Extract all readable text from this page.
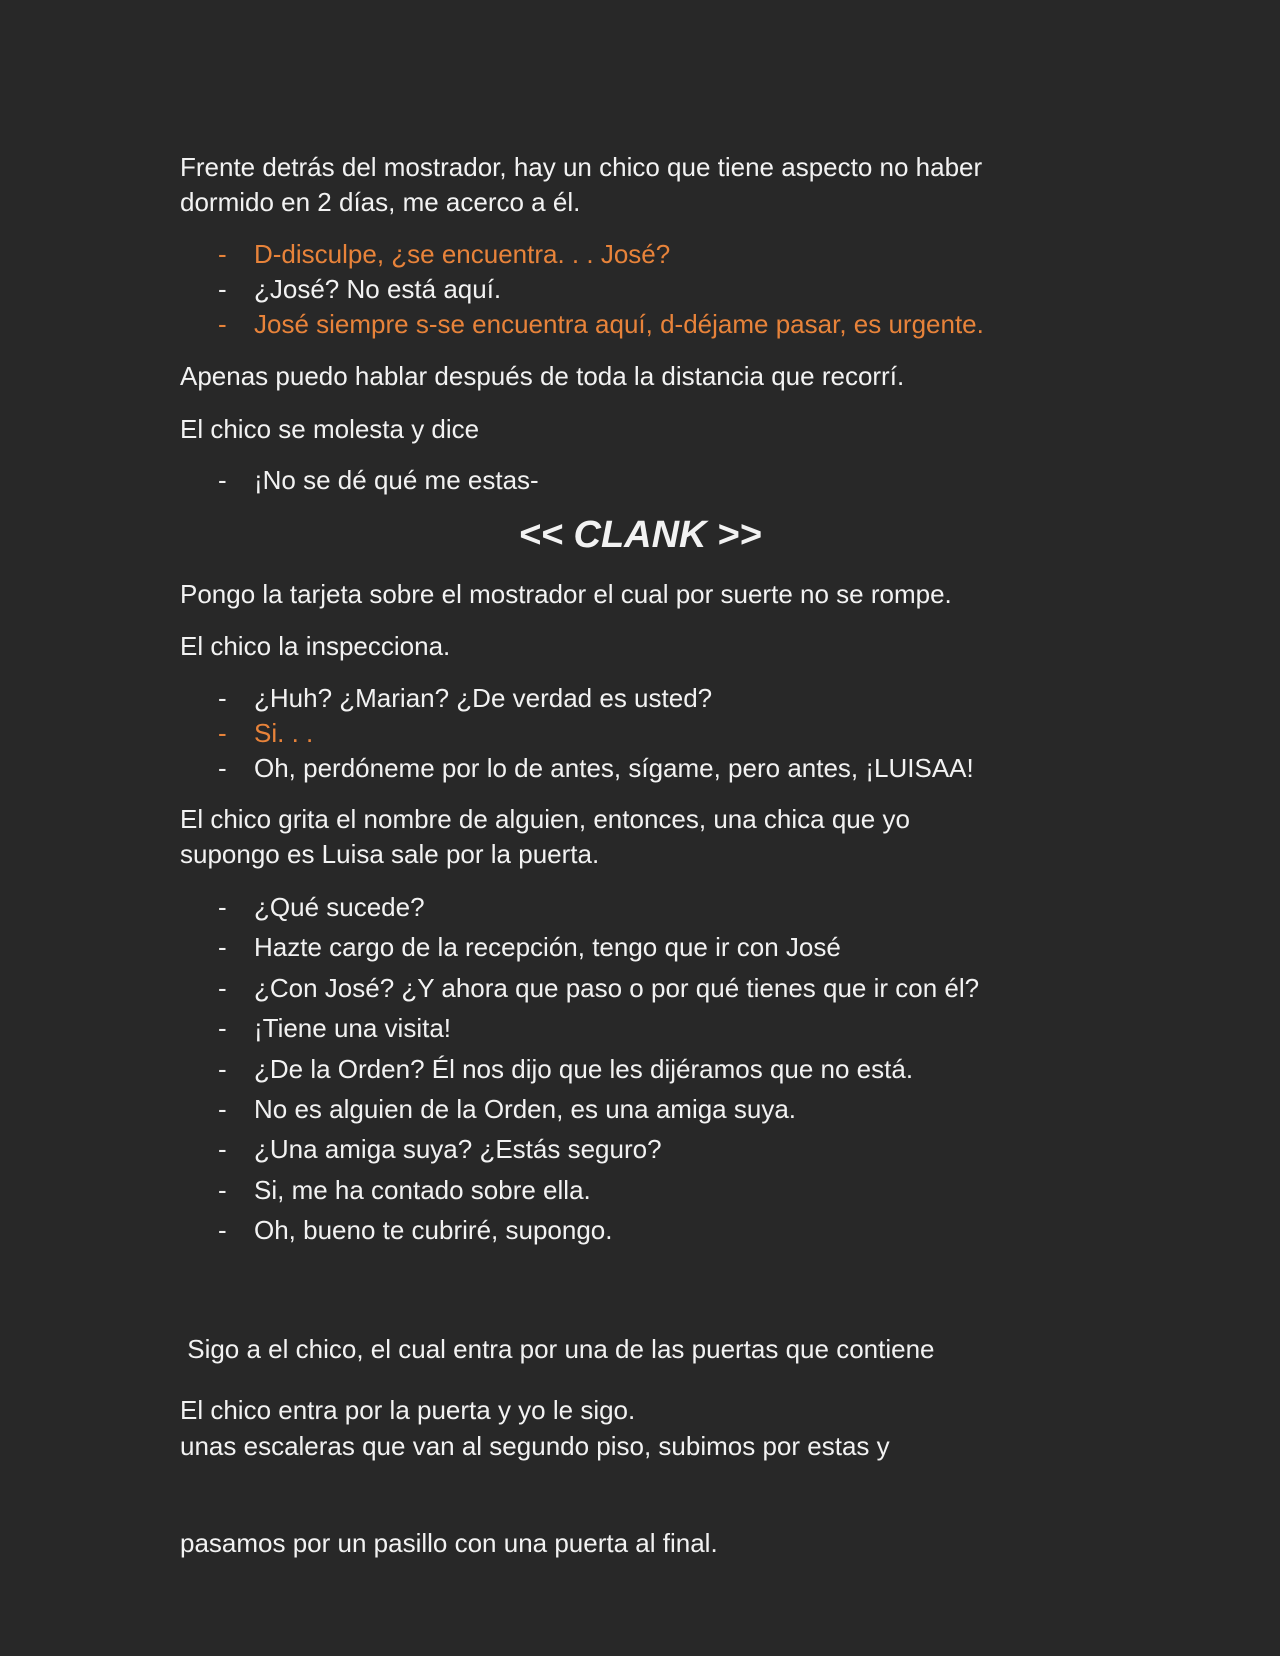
Frente detrás del mostrador, hay un chico que tiene aspecto no haber
dormido en 2 días, me acerco a él.
- D-disculpe, ¿se encuentra. . . José?
- ¿José? No está aquí.
- José siempre s-se encuentra aquí, d-déjame pasar, es urgente.
Apenas puedo hablar después de toda la distancia que recorrí.
El chico se molesta y dice
- ¡No se dé qué me estas-
<< CLANK >>
Pongo la tarjeta sobre el mostrador el cual por suerte no se rompe.
El chico la inspecciona.
- ¿Huh? ¿Marian? ¿De verdad es usted?
- Si. . .
- Oh, perdóneme por lo de antes, sígame, pero antes, ¡LUISAA!
El chico grita el nombre de alguien, entonces, una chica que yo
supongo es Luisa sale por la puerta.
- ¿Qué sucede?
- Hazte cargo de la recepción, tengo que ir con José
- ¿Con José? ¿Y ahora que paso o por qué tienes que ir con él?
- ¡Tiene una visita!
- ¿De la Orden? Él nos dijo que les dijéramos que no está.
- No es alguien de la Orden, es una amiga suya.
- ¿Una amiga suya? ¿Estás seguro?
- Si, me ha contado sobre ella.
- Oh, bueno te cubriré, supongo.

Sigo a el chico, el cual entra por una de las puertas que contiene

unas escaleras que van al segundo piso, subimos por estas y

pasamos por un pasillo con una puerta al final.

El chico entra por la puerta y yo le sigo.
